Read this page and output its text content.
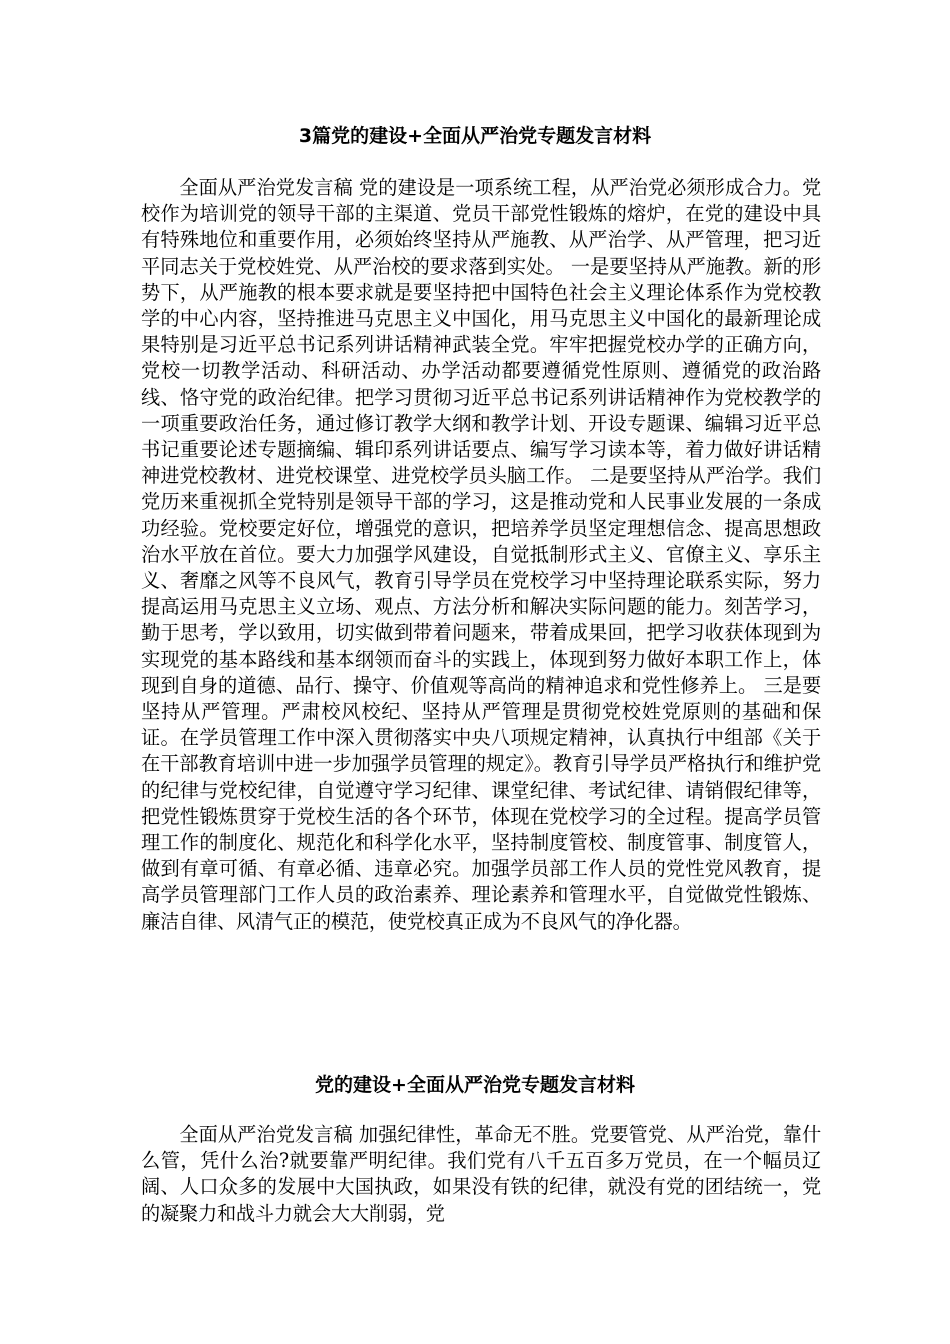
3篇党的建设+全面从严治党专题发言材料

全面从严治党发言稿 党的建设是一项系统工程，从严治党必须形成合力。党校作为培训党的领导干部的主渠道、党员干部党性锻炼的熔炉，在党的建设中具有特殊地位和重要作用，必须始终坚持从严施教、从严治学、从严管理，把习近平同志关于党校姓党、从严治校的要求落到实处。 一是要坚持从严施教。新的形势下，从严施教的根本要求就是要坚持把中国特色社会主义理论体系作为党校教学的中心内容，坚持推进马克思主义中国化，用马克思主义中国化的最新理论成果特别是习近平总书记系列讲话精神武装全党。牢牢把握党校办学的正确方向，党校一切教学活动、科研活动、办学活动都要遵循党性原则、遵循党的政治路线、恪守党的政治纪律。把学习贯彻习近平总书记系列讲话精神作为党校教学的一项重要政治任务，通过修订教学大纲和教学计划、开设专题课、编辑习近平总书记重要论述专题摘编、辑印系列讲话要点、编写学习读本等，着力做好讲话精神进党校教材、进党校课堂、进党校学员头脑工作。 二是要坚持从严治学。我们党历来重视抓全党特别是领导干部的学习，这是推动党和人民事业发展的一条成功经验。党校要定好位，增强党的意识，把培养学员坚定理想信念、提高思想政治水平放在首位。要大力加强学风建设，自觉抵制形式主义、官僚主义、享乐主义、奢靡之风等不良风气，教育引导学员在党校学习中坚持理论联系实际，努力提高运用马克思主义立场、观点、方法分析和解决实际问题的能力。刻苦学习，勤于思考，学以致用，切实做到带着问题来，带着成果回，把学习收获体现到为实现党的基本路线和基本纲领而奋斗的实践上，体现到努力做好本职工作上，体现到自身的道德、品行、操守、价值观等高尚的精神追求和党性修养上。 三是要坚持从严管理。严肃校风校纪、坚持从严管理是贯彻党校姓党原则的基础和保证。在学员管理工作中深入贯彻落实中央八项规定精神，认真执行中组部《关于在干部教育培训中进一步加强学员管理的规定》。教育引导学员严格执行和维护党的纪律与党校纪律，自觉遵守学习纪律、课堂纪律、考试纪律、请销假纪律等，把党性锻炼贯穿于党校生活的各个环节，体现在党校学习的全过程。提高学员管理工作的制度化、规范化和科学化水平，坚持制度管校、制度管事、制度管人，做到有章可循、有章必循、违章必究。加强学员部工作人员的党性党风教育，提高学员管理部门工作人员的政治素养、理论素养和管理水平，自觉做党性锻炼、廉洁自律、风清气正的模范，使党校真正成为不良风气的净化器。

党的建设+全面从严治党专题发言材料

全面从严治党发言稿 加强纪律性，革命无不胜。党要管党、从严治党，靠什么管，凭什么治?就要靠严明纪律。我们党有八千五百多万党员，在一个幅员辽阔、人口众多的发展中大国执政，如果没有铁的纪律，就没有党的团结统一，党的凝聚力和战斗力就会大大削弱，党
